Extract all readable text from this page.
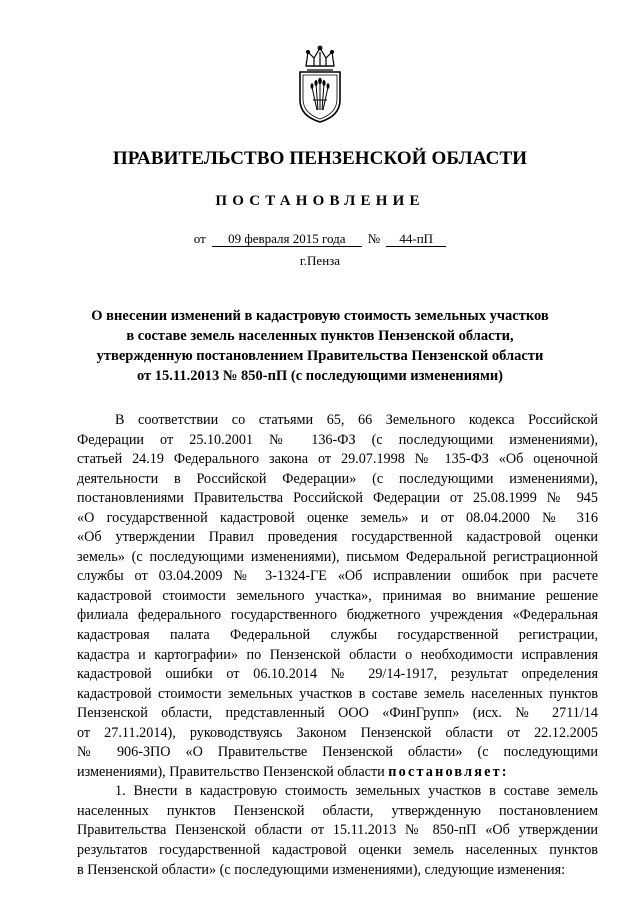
ПРАВИТЕЛЬСТВО ПЕНЗЕНСКОЙ ОБЛАСТИ
ПОСТАНОВЛЕНИЕ
от 09 февраля 2015 года № 44-пП
г.Пенза
О внесении изменений в кадастровую стоимость земельных участков
в составе земель населенных пунктов Пензенской области,
утвержденную постановлением Правительства Пензенской области
от 15.11.2013 № 850-пП (с последующими изменениями)
В соответствии со статьями 65, 66 Земельного кодекса Российской
Федерации от 25.10.2001 № 136-ФЗ (с последующими изменениями),
статьей 24.19 Федерального закона от 29.07.1998 № 135-ФЗ «Об оценочной
деятельности в Российской Федерации» (с последующими изменениями),
постановлениями Правительства Российской Федерации от 25.08.1999 № 945
«О государственной кадастровой оценке земель» и от 08.04.2000 № 316
«Об утверждении Правил проведения государственной кадастровой оценки
земель» (с последующими изменениями), письмом Федеральной регистрационной
службы от 03.04.2009 № 3-1324-ГЕ «Об исправлении ошибок при расчете
кадастровой стоимости земельного участка», принимая во внимание решение
филиала федерального государственного бюджетного учреждения «Федеральная
кадастровая палата Федеральной службы государственной регистрации,
кадастра и картографии» по Пензенской области о необходимости исправления
кадастровой ошибки от 06.10.2014 № 29/14-1917, результат определения
кадастровой стоимости земельных участков в составе земель населенных пунктов
Пензенской области, представленный ООО «ФинГрупп» (исх. № 2711/14
от 27.11.2014), руководствуясь Законом Пензенской области от 22.12.2005
№ 906-ЗПО «О Правительстве Пензенской области» (с последующими
изменениями), Правительство Пензенской области постановляет:
1. Внести в кадастровую стоимость земельных участков в составе земель
населенных пунктов Пензенской области, утвержденную постановлением
Правительства Пензенской области от 15.11.2013 № 850-пП «Об утверждении
результатов государственной кадастровой оценки земель населенных пунктов
в Пензенской области» (с последующими изменениями), следующие изменения:
